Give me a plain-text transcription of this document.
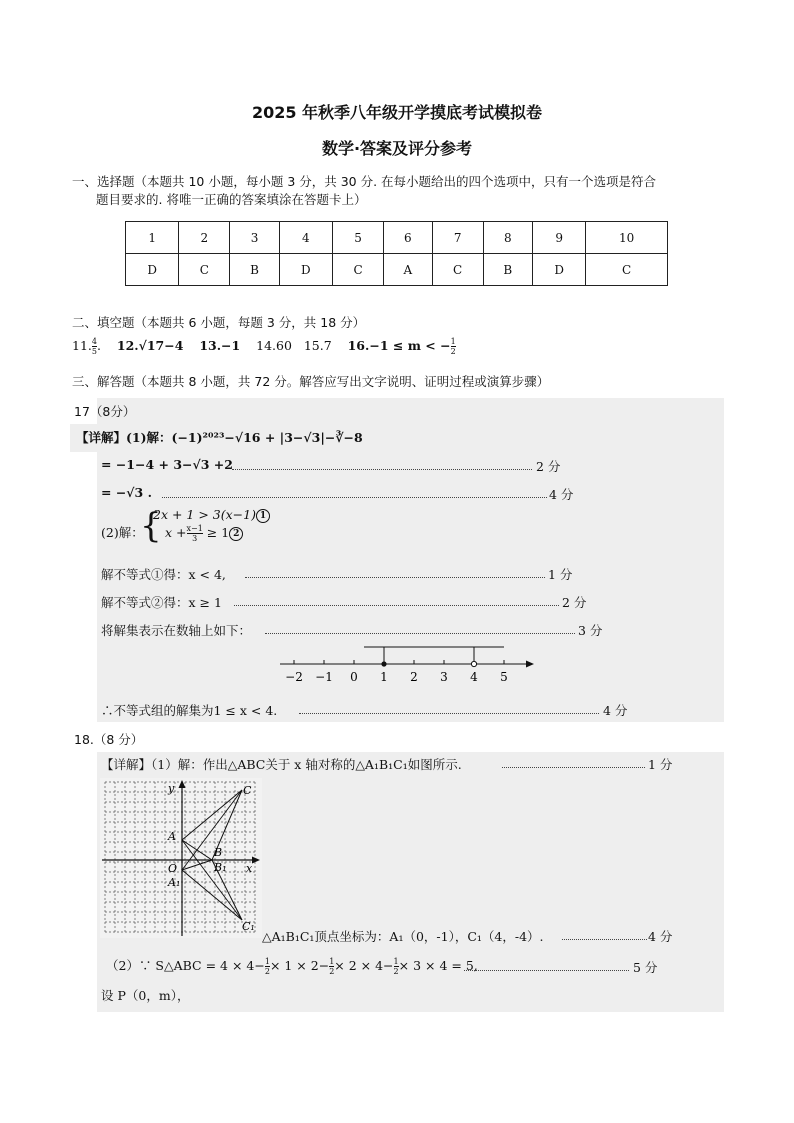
2025 年秋季八年级开学摸底考试模拟卷
数学·答案及评分参考
一、选择题（本题共 10 小题，每小题 3 分，共 30 分. 在每小题给出的四个选项中，只有一个选项是符合
题目要求的. 将唯一正确的答案填涂在答题卡上）
1	2	3	4	5	6	7	8	9	10
D	C	B	D	C	A	C	B	D	C
二、填空题（本题共 6 小题，每题 3 分，共 18 分）
11. $\frac{4}{5}$ . 12.√17−4 13.−1 14.60 15.7 16.−1 ≤ m < − $\frac{1}{2}$
三、解答题（本题共 8 小题，共 72 分。解答应写出文字说明、证明过程或演算步骤）
17（8分）
【详解】(1)解：(−1)²⁰²³−√16 + |3−√3|−∛−8
= −1−4 + 3−√3 +2	2 分
= −√3 .	4 分
(2)解：
{
2x + 1 > 3(x−1) 1
$x + \frac{x-1}{3} \ge 1$ 2
解不等式①得：x < 4,	1 分
解不等式②得：x ≥ 1	2 分
将解集表示在数轴上如下：	3 分
−2 −1 0 1 2 3 4 5
∴不等式组的解集为1 ≤ x < 4.	4 分
18.（8 分）
【详解】（1）解：作出△ABC关于 x 轴对称的△A₁B₁C₁如图所示.	1 分
y
x
O
A
A₁
B
B₁
C
C₁
△A₁B₁C₁顶点坐标为：A₁（0，-1），C₁（4，-4）.	4 分
（2）∵ S△ABC = $4 \times 4- \frac{1}{2} \times 1 \times 2- \frac{1}{2} \times 2 \times 4- \frac{1}{2} \times 3 \times 4 = 5$,	5 分
设 P（0，m），
